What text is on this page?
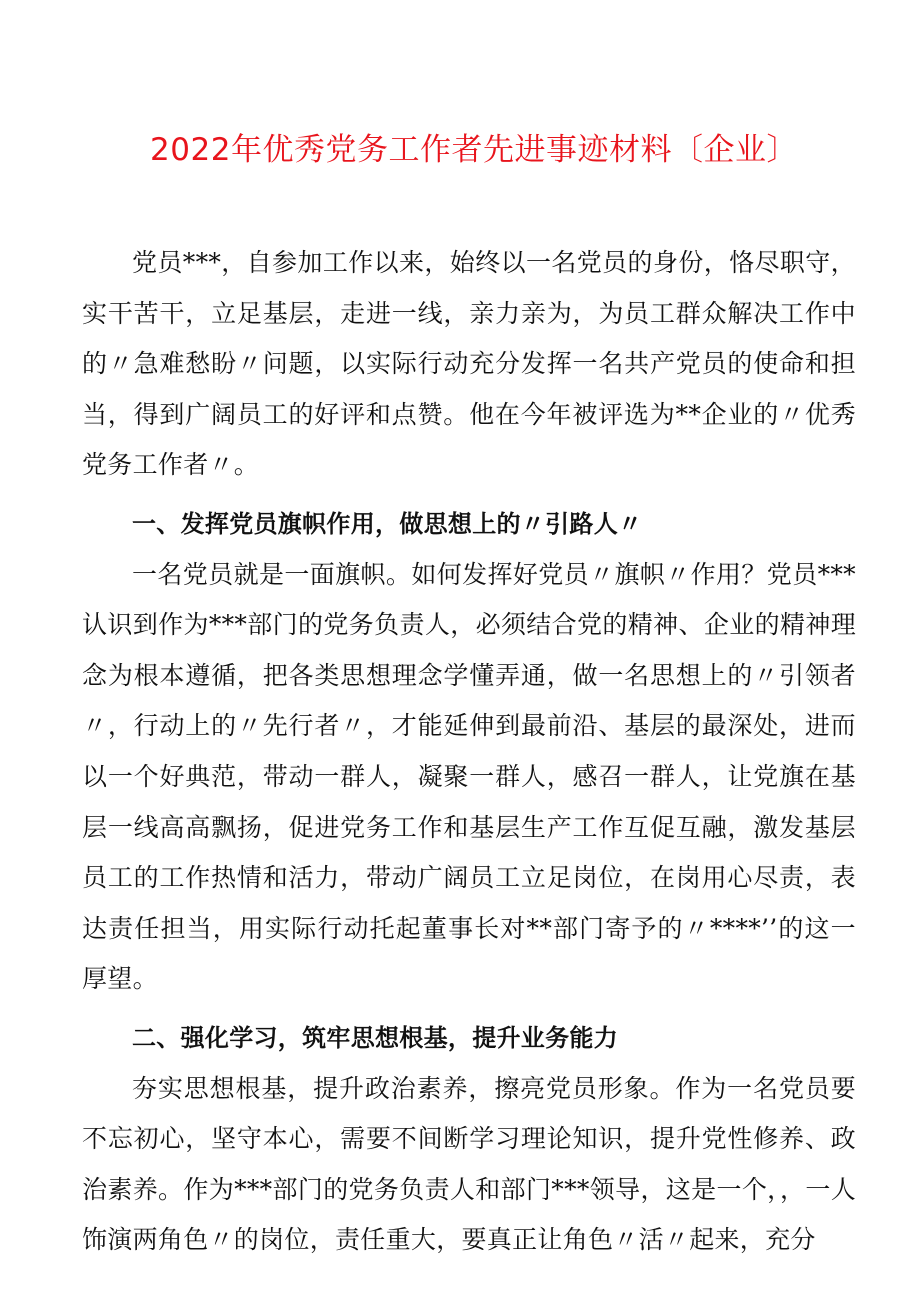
2022年优秀党务工作者先进事迹材料〔企业〕

党员***，自参加工作以来，始终以一名党员的身份，恪尽职守，实干苦干，立足基层，走进一线，亲力亲为，为员工群众解决工作中的〃急难愁盼〃问题，以实际行动充分发挥一名共产党员的使命和担当，得到广阔员工的好评和点赞。他在今年被评选为**企业的〃优秀党务工作者〃。

一、发挥党员旗帜作用，做思想上的〃引路人〃

一名党员就是一面旗帜。如何发挥好党员〃旗帜〃作用？党员***认识到作为***部门的党务负责人，必须结合党的精神、企业的精神理念为根本遵循，把各类思想理念学懂弄通，做一名思想上的〃引领者〃，行动上的〃先行者〃，才能延伸到最前沿、基层的最深处，进而以一个好典范，带动一群人，凝聚一群人，感召一群人，让党旗在基层一线高高飘扬，促进党务工作和基层生产工作互促互融，激发基层员工的工作热情和活力，带动广阔员工立足岗位，在岗用心尽责，表达责任担当，用实际行动托起董事长对**部门寄予的〃****’’的这一厚望。

二、强化学习，筑牢思想根基，提升业务能力

夯实思想根基，提升政治素养，擦亮党员形象。作为一名党员要不忘初心，坚守本心，需要不间断学习理论知识，提升党性修养、政治素养。作为***部门的党务负责人和部门***领导，这是一个，，一人饰演两角色〃的岗位，责任重大，要真正让角色〃活〃起来，充分
